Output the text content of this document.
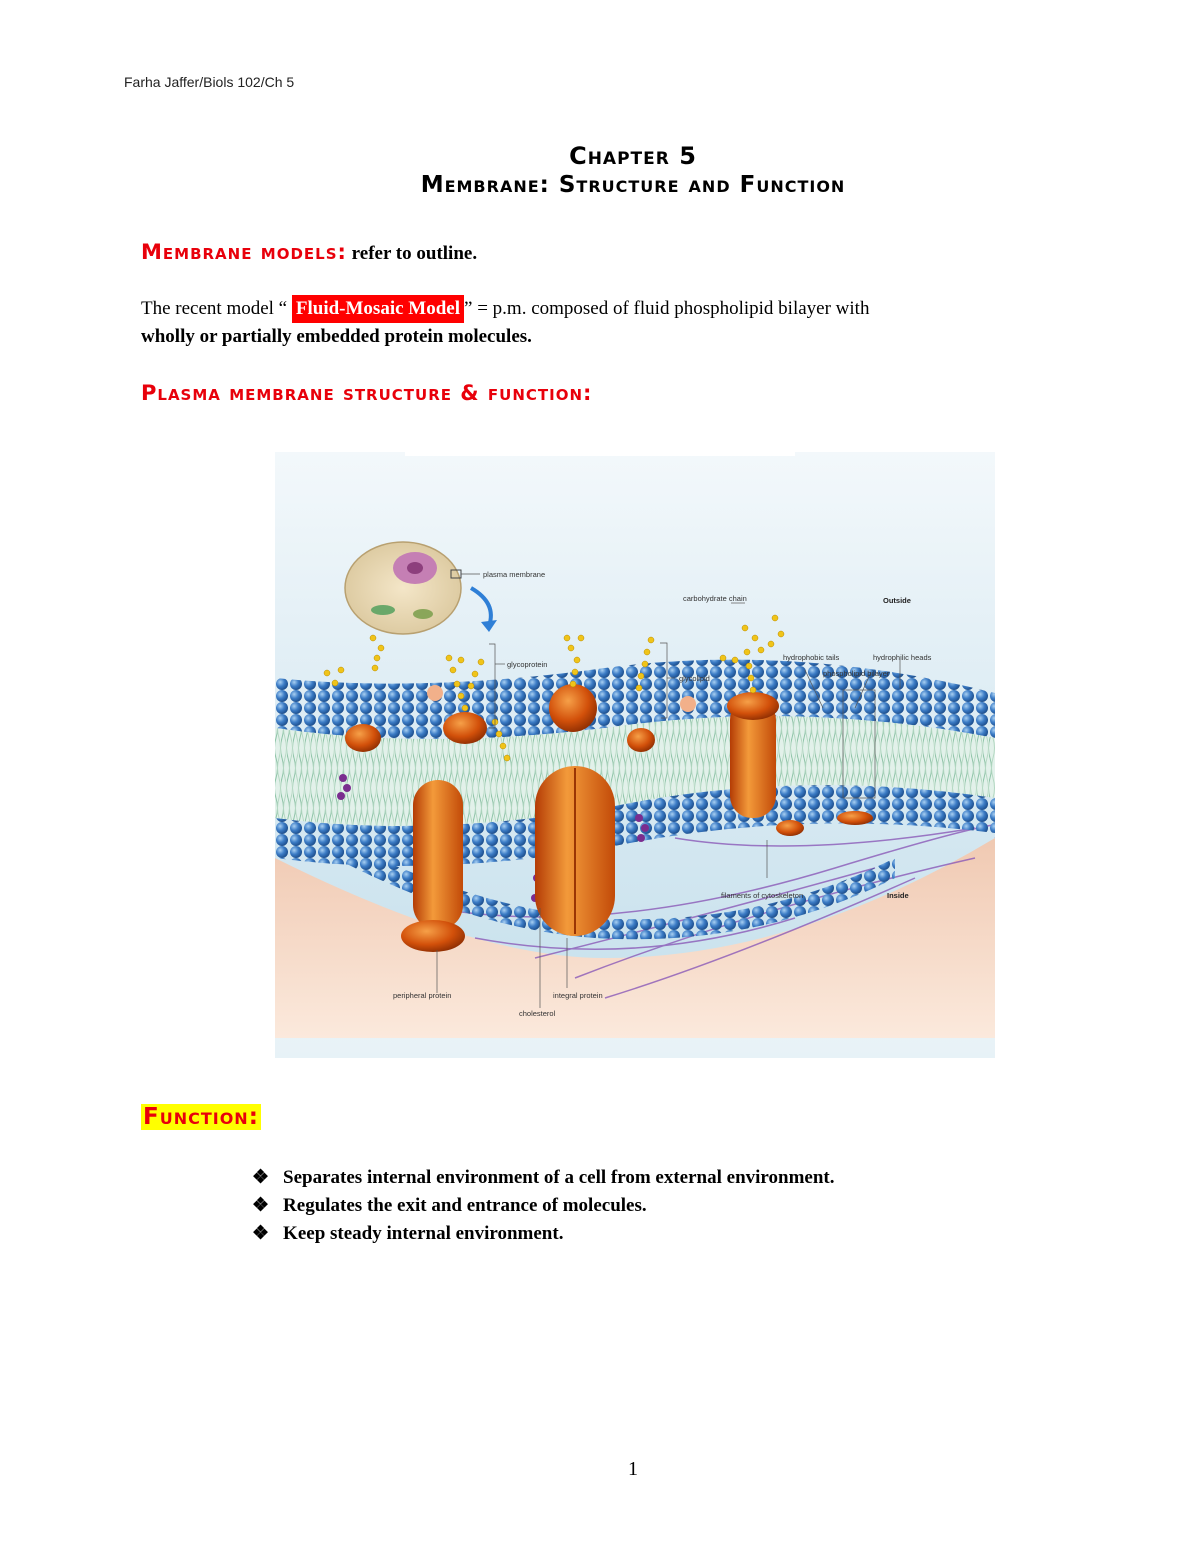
Farha Jaffer/Biols 102/Ch 5
Chapter 5
Membrane: Structure and Function
Membrane models: refer to outline.
The recent model “ Fluid-Mosaic Model ” = p.m. composed of fluid phospholipid bilayer with
wholly or partially embedded protein molecules.
Plasma membrane structure & function:
plasma membrane
carbohydrate chain	Outside
glycoprotein
glycolipid
hydrophobic tails	hydrophilic heads
phospholipid bilayer
filaments of cytoskeleton	Inside
peripheral protein	integral protein
cholesterol
Function:
❖ Separates internal environment of a cell from external environment.
❖ Regulates the exit and entrance of molecules.
❖ Keep steady internal environment.
1
